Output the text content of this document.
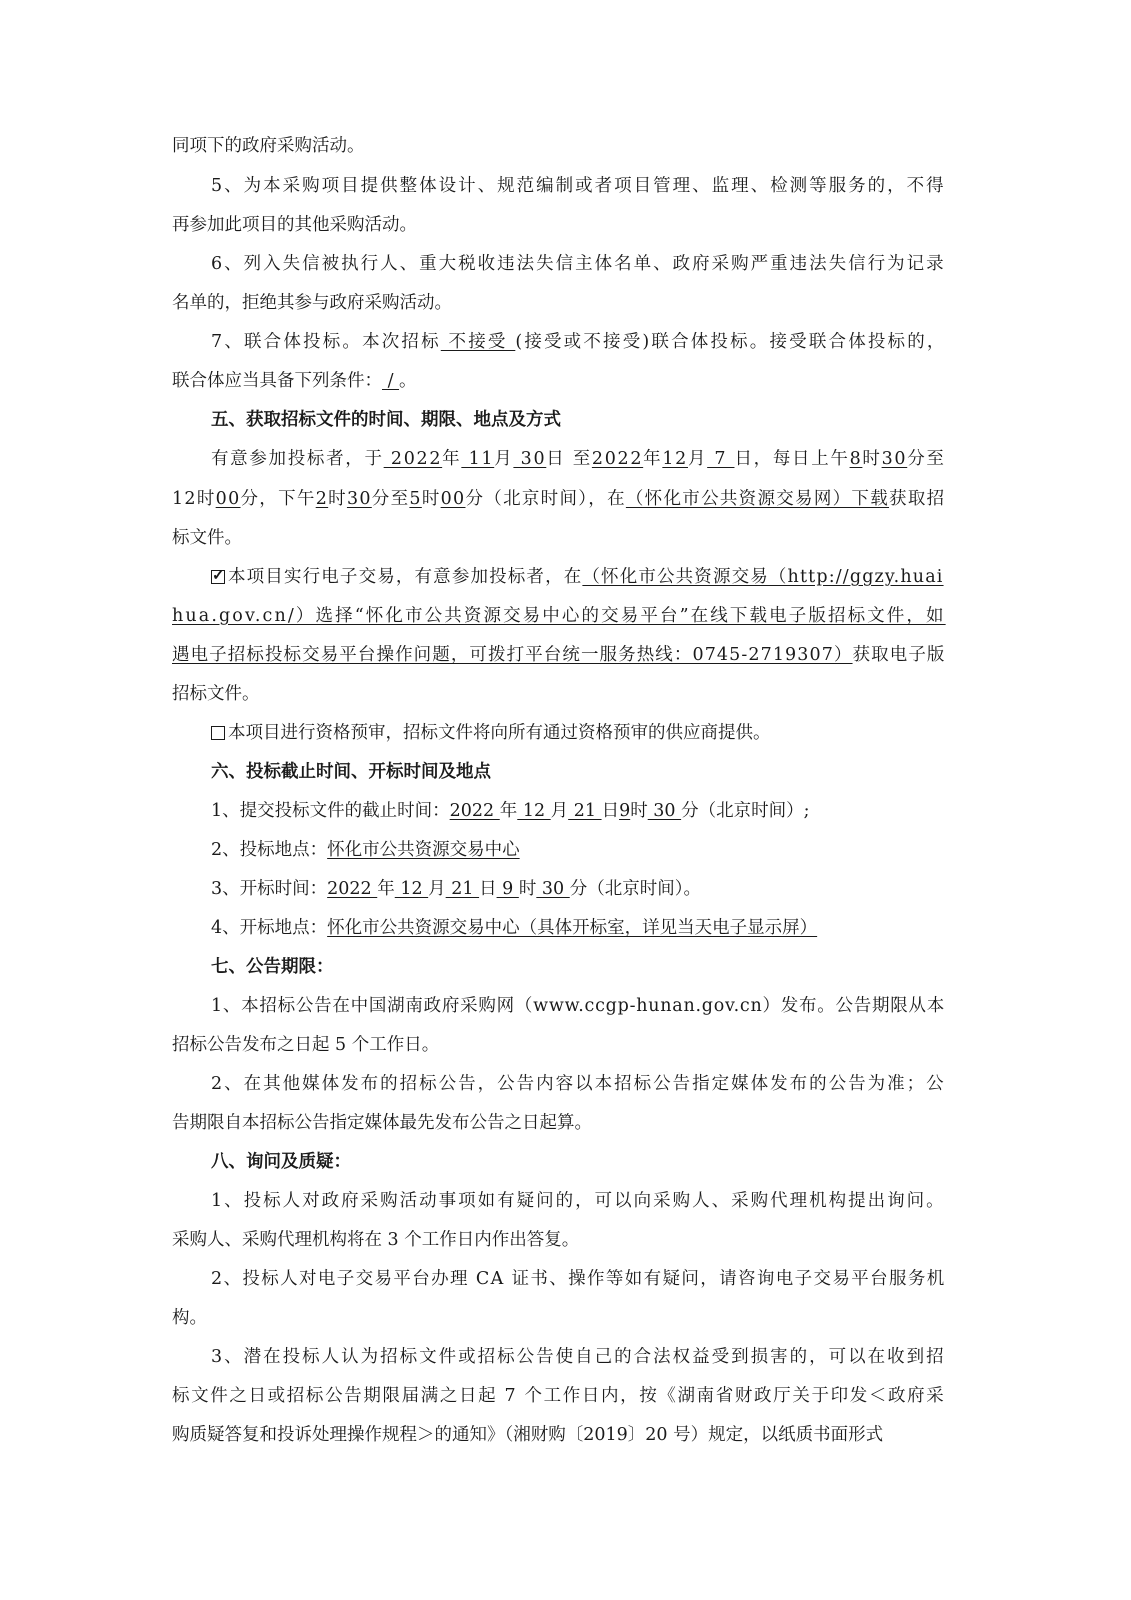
同项下的政府采购活动。
5、为本采购项目提供整体设计、规范编制或者项目管理、监理、检测等服务的，不得
再参加此项目的其他采购活动。
6、列入失信被执行人、重大税收违法失信主体名单、政府采购严重违法失信行为记录
名单的，拒绝其参与政府采购活动。
7、联合体投标。本次招标 不接受 (接受或不接受)联合体投标。接受联合体投标的，
联合体应当具备下列条件： / 。
五、获取招标文件的时间、期限、地点及方式
有意参加投标者，于 2022年 11月 30日 至2022年12月 7 日，每日上午8时30分至
12时00分，下午2时30分至5时00分（北京时间），在（怀化市公共资源交易网）下载获取招
标文件。
✓ 本项目实行电子交易，有意参加投标者，在（怀化市公共资源交易（http://ggzy.huai
hua.gov.cn/）选择“怀化市公共资源交易中心的交易平台”在线下载电子版招标文件，如
遇电子招标投标交易平台操作问题，可拨打平台统一服务热线：0745-2719307）获取电子版
招标文件。
本项目进行资格预审，招标文件将向所有通过资格预审的供应商提供。
六、投标截止时间、开标时间及地点
1、提交投标文件的截止时间：2022 年 12 月 21 日9时 30 分（北京时间）;
2、投标地点：怀化市公共资源交易中心
3、开标时间：2022 年 12 月 21 日 9 时 30 分（北京时间）。
4、开标地点：怀化市公共资源交易中心（具体开标室，详见当天电子显示屏）
七、公告期限：
1、本招标公告在中国湖南政府采购网（www.ccgp-hunan.gov.cn）发布。公告期限从本
招标公告发布之日起 5 个工作日。
2、在其他媒体发布的招标公告，公告内容以本招标公告指定媒体发布的公告为准；公
告期限自本招标公告指定媒体最先发布公告之日起算。
八、询问及质疑：
1、投标人对政府采购活动事项如有疑问的，可以向采购人、采购代理机构提出询问。
采购人、采购代理机构将在 3 个工作日内作出答复。
2、投标人对电子交易平台办理 CA 证书、操作等如有疑问，请咨询电子交易平台服务机
构。
3、潜在投标人认为招标文件或招标公告使自己的合法权益受到损害的，可以在收到招
标文件之日或招标公告期限届满之日起 7 个工作日内，按《湖南省财政厅关于印发＜政府采
购质疑答复和投诉处理操作规程＞的通知》（湘财购〔2019〕20 号）规定，以纸质书面形式
